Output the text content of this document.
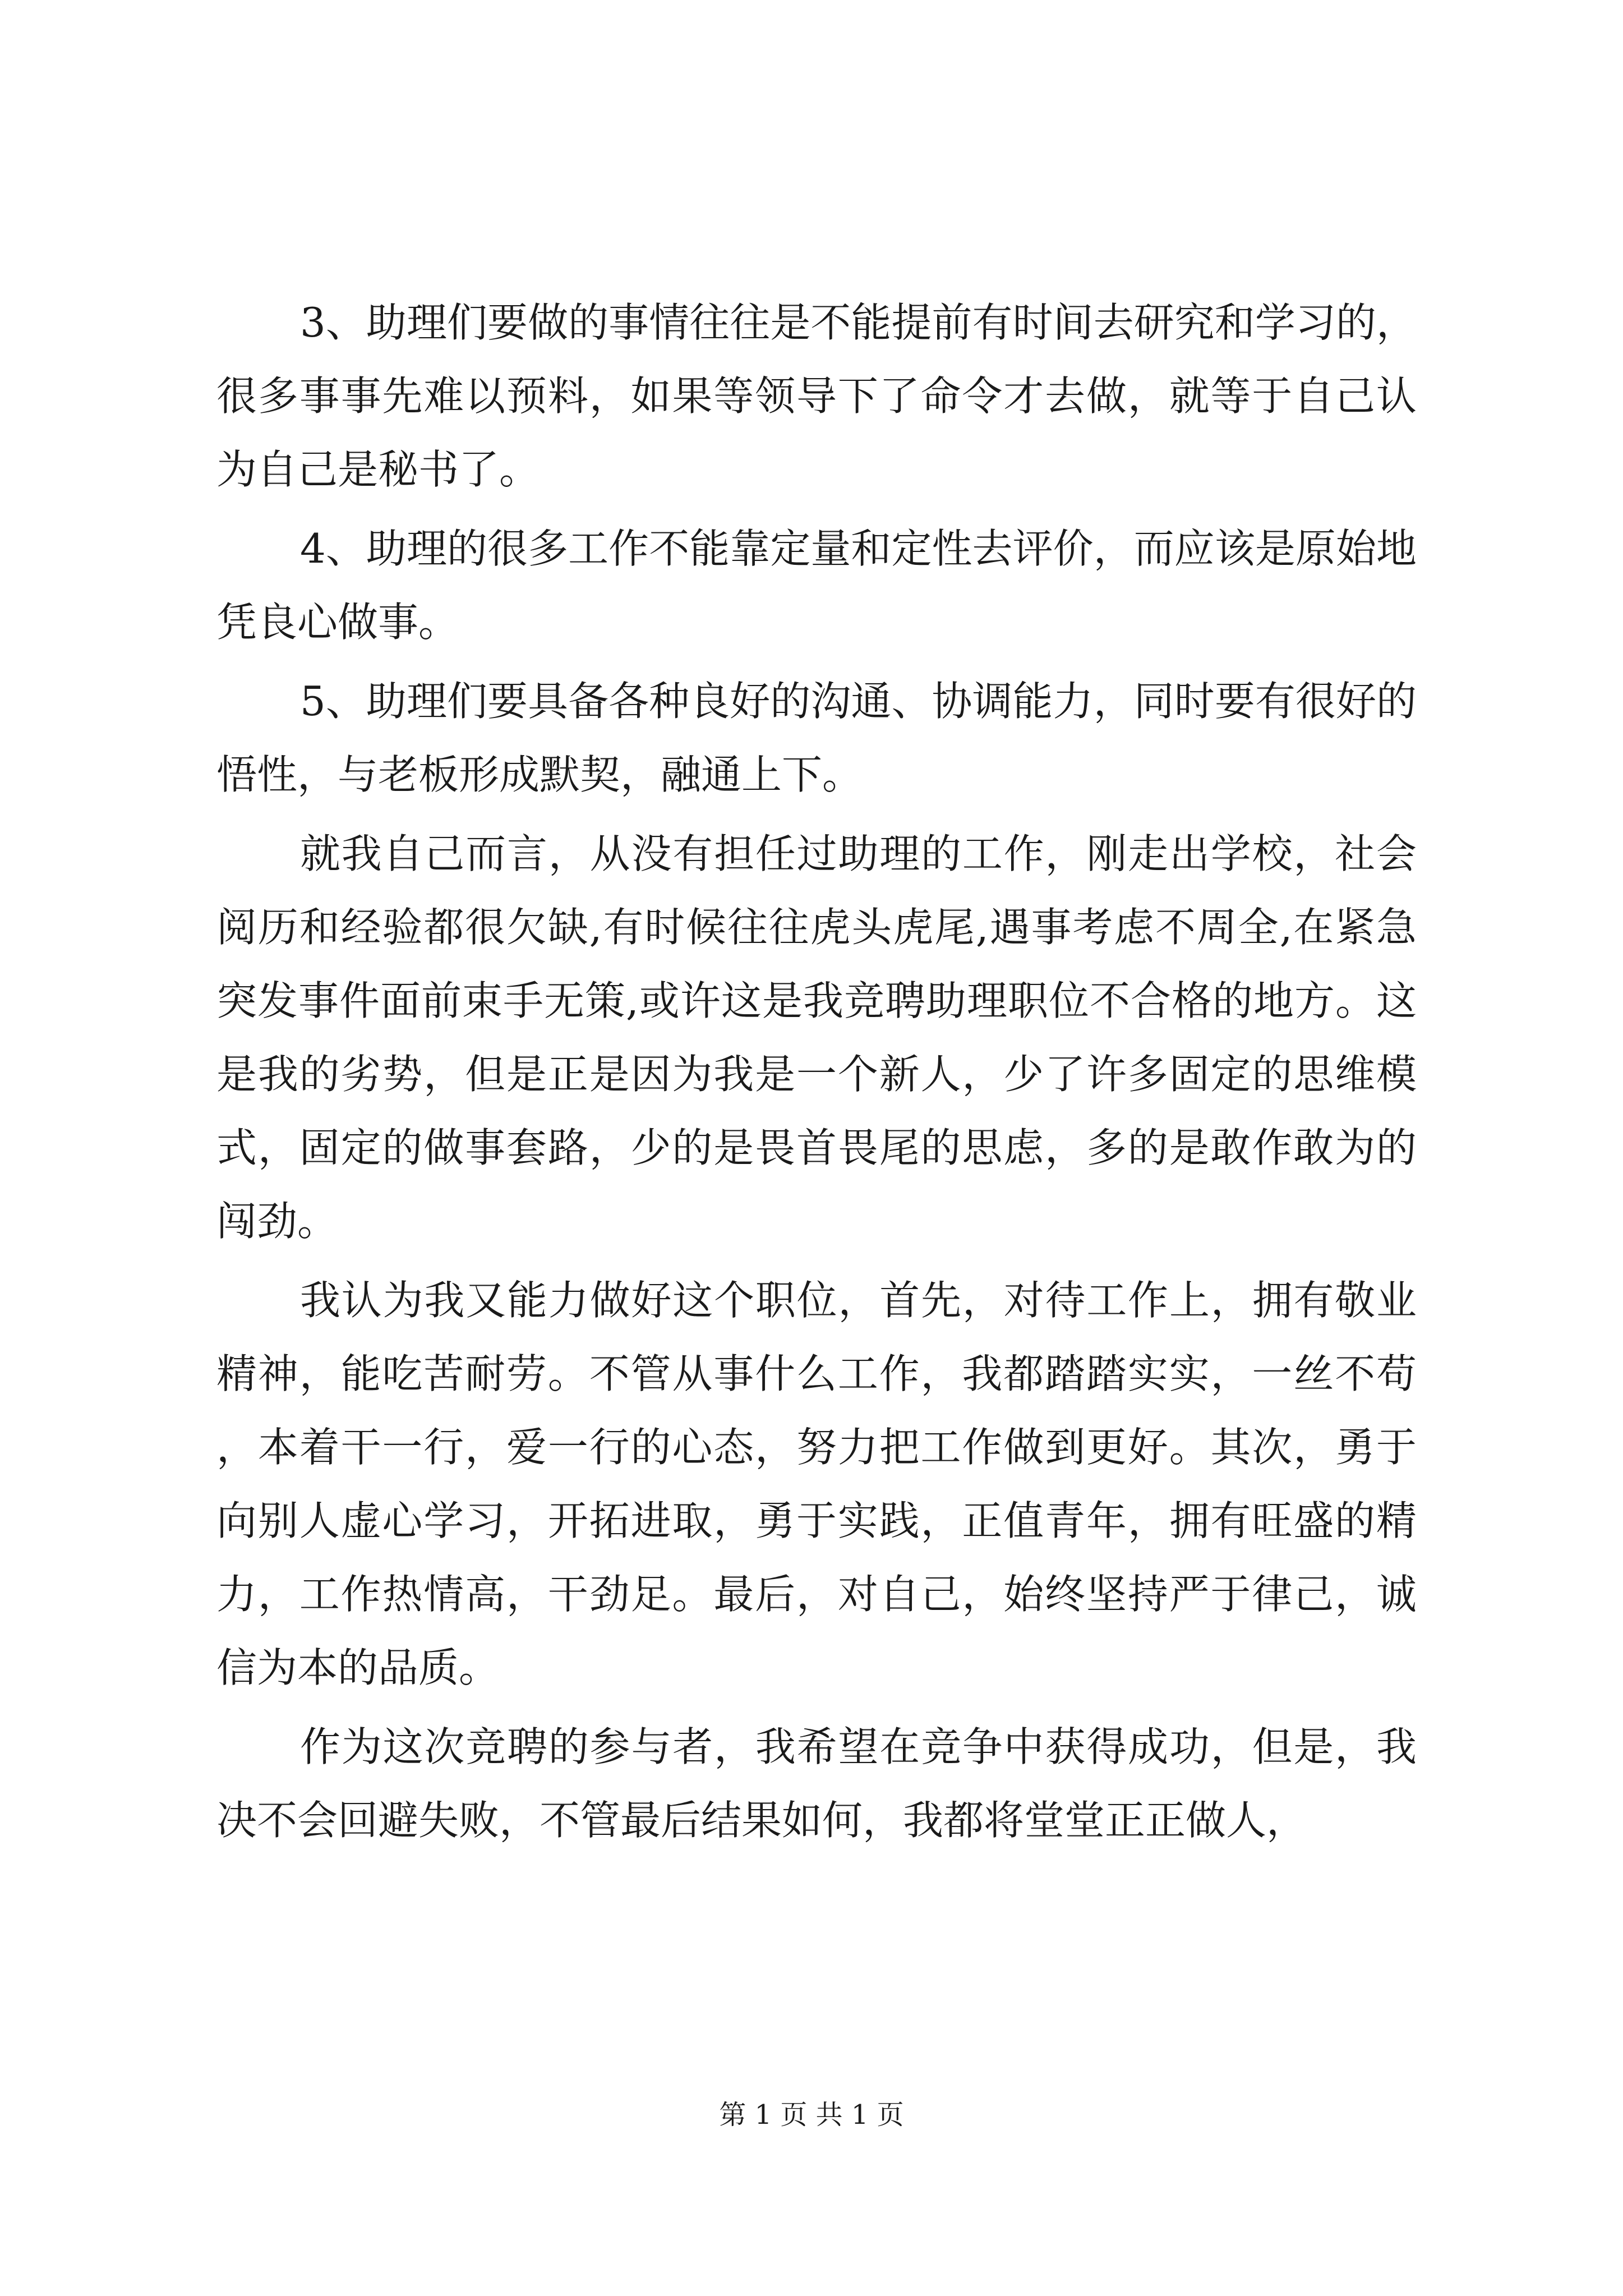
3、助理们要做的事情往往是不能提前有时间去研究和学习的，很多事事先难以预料，如果等领导下了命令才去做，就等于自己认为自己是秘书了。

4、助理的很多工作不能靠定量和定性去评价，而应该是原始地凭良心做事。

5、助理们要具备各种良好的沟通、协调能力，同时要有很好的悟性，与老板形成默契，融通上下。

就我自己而言，从没有担任过助理的工作，刚走出学校，社会阅历和经验都很欠缺,有时候往往虎头虎尾,遇事考虑不周全,在紧急突发事件面前束手无策,或许这是我竞聘助理职位不合格的地方。这是我的劣势，但是正是因为我是一个新人，少了许多固定的思维模式，固定的做事套路，少的是畏首畏尾的思虑，多的是敢作敢为的闯劲。

我认为我又能力做好这个职位，首先，对待工作上，拥有敬业精神，能吃苦耐劳。不管从事什么工作，我都踏踏实实，一丝不苟，本着干一行，爱一行的心态，努力把工作做到更好。其次，勇于向别人虚心学习，开拓进取，勇于实践，正值青年，拥有旺盛的精力，工作热情高，干劲足。最后，对自己，始终坚持严于律己，诚信为本的品质。

作为这次竞聘的参与者，我希望在竞争中获得成功，但是，我决不会回避失败，不管最后结果如何，我都将堂堂正正做人，

第 1 页 共 1 页
